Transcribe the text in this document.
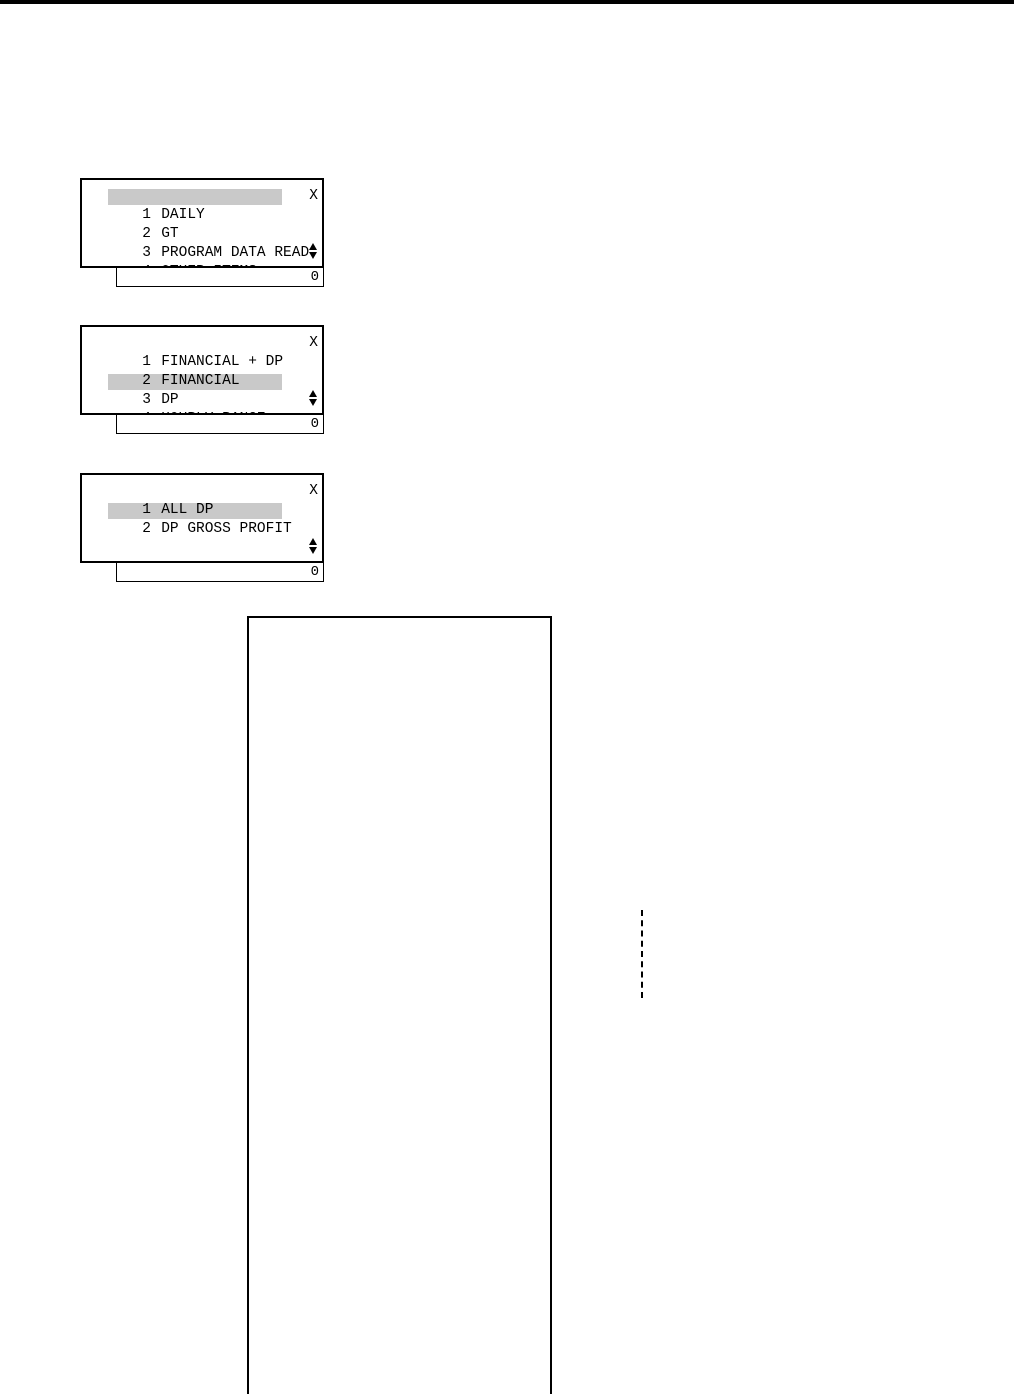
1 DAILY

2 GT

3 PROGRAM DATA READ

X
0

1 FINANCIAL + DP

2 FINANCIAL

3 DP

X
0

1 ALL DP

2 DP GROSS PROFIT

X
0
